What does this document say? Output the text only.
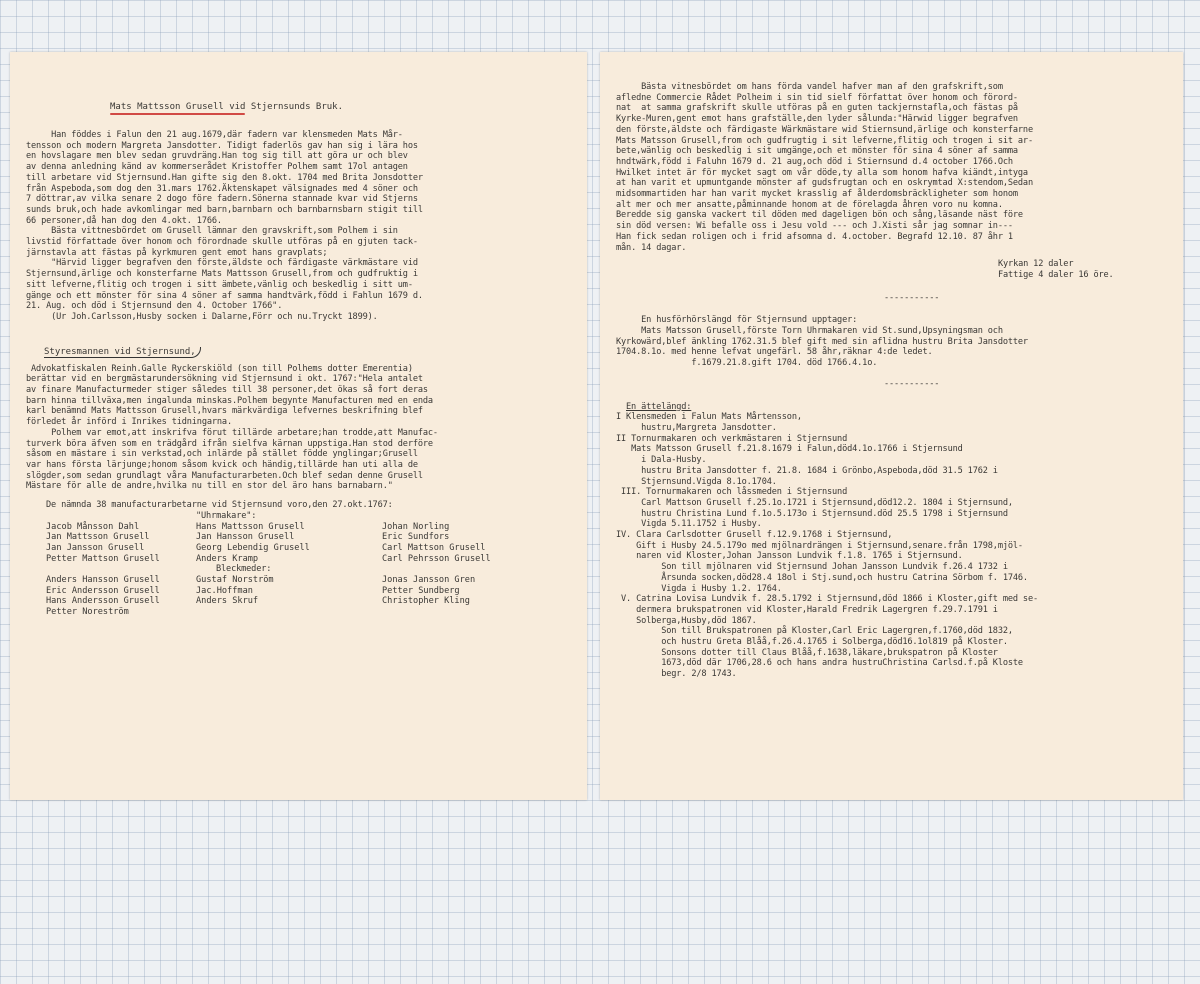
Mats Mattsson Grusell vid Stjernsunds Bruk.
Han föddes i Falun den 21 aug.1679,där fadern var klensmeden Mats Mår-
tensson och modern Margreta Jansdotter. Tidigt faderlös gav han sig i lära hos
en hovslagare men blev sedan gruvdräng.Han tog sig till att göra ur och blev
av denna anledning känd av kommerserådet Kristoffer Polhem samt 17ol antagen
till arbetare vid Stjernsund.Han gifte sig den 8.okt. 1704 med Brita Jonsdotter
från Aspeboda,som dog den 31.mars 1762.Äktenskapet välsignades med 4 söner och
7 döttrar,av vilka senare 2 dogo före fadern.Sönerna stannade kvar vid Stjerns
sunds bruk,och hade avkomlingar med barn,barnbarn och barnbarnsbarn stigit till
66 personer,då han dog den 4.okt. 1766.
Bästa vittnesbördet om Grusell lämnar den gravskrift,som Polhem i sin
livstid författade över honom och förordnade skulle utföras på en gjuten tack-
järnstavla att fästas på kyrkmuren gent emot hans gravplats;
"Härvid ligger begrafven den förste,äldste och färdigaste värkmästare vid
Stjernsund,ärlige och konsterfarne Mats Mattsson Grusell,from och gudfruktig i
sitt lefverne,flitig och trogen i sitt ämbete,vänlig och beskedlig i sitt um-
gänge och ett mönster för sina 4 söner af samma handtvärk,född i Fahlun 1679 d.
21. Aug. och död i Stjernsund den 4. October 1766".
(Ur Joh.Carlsson,Husby socken i Dalarne,Förr och nu.Tryckt 1899).
Styresmannen vid Stjernsund,
Advokatfiskalen Reinh.Galle Ryckerskiöld (son till Polhems dotter Emerentia)
berättar vid en bergmästarundersökning vid Stjernsund i okt. 1767:"Hela antalet
av finare Manufacturmeder stiger således till 38 personer,det ökas så fort deras
barn hinna tillväxa,men ingalunda minskas.Polhem begynte Manufacturen med en enda
karl benämnd Mats Mattsson Grusell,hvars märkvärdiga lefvernes beskrifning blef
förledet år införd i Inrikes tidningarna.
Polhem var emot,att inskrifva förut tillärde arbetare;han trodde,att Manufac-
turverk böra äfven som en trädgård ifrån sielfva kärnan uppstiga.Han stod derföre
såsom en mästare i sin verkstad,och inlärde på stället födde ynglingar;Grusell
var hans första lärjunge;honom såsom kvick och händig,tillärde han uti alla de
slögder,som sedan grundlagt våra Manufacturarbeten.Och blef sedan denne Grusell
Mästare för alle de andre,hvilka nu till en stor del äro hans barnabarn."
De nämnda 38 manufacturarbetarne vid Stjernsund voro,den 27.okt.1767:
"Uhrmakare":
Jacob Månsson Dahl
Jan Mattsson Grusell
Jan Jansson Grusell
Petter Mattson Grusell
Hans Mattsson Grusell
Jan Hansson Grusell
Georg Lebendig Grusell
Anders Kramp
Johan Norling
Eric Sundfors
Carl Mattson Grusell
Carl Pehrsson Grusell
Bleckmeder:
Anders Hansson Grusell
Eric Andersson Grusell
Hans Andersson Grusell
Petter Noreström
Gustaf Norström
Jac.Hoffman
Anders Skruf
Jonas Jansson Gren
Petter Sundberg
Christopher Kling
Bästa vitnesbördet om hans förda vandel hafver man af den grafskrift,som
afledne Commercie Rådet Polheim i sin tid sielf författat över honom och förord-
nat  at samma grafskrift skulle utföras på en guten tackjernstafla,och fästas på
Kyrke-Muren,gent emot hans grafställe,den lyder sålunda:"Härwid ligger begrafven
den förste,äldste och färdigaste Wärkmästare wid Stiernsund,ärlige och konsterfarne
Mats Matsson Grusell,from och gudfrugtig i sit lefverne,flitig och trogen i sit ar-
bete,wänlig och beskedlig i sit umgänge,och et mönster för sina 4 söner af samma
hndtwärk,född i Faluhn 1679 d. 21 aug,och död i Stiernsund d.4 october 1766.Och
Hwilket intet är för mycket sagt om vår döde,ty alla som honom hafva kiändt,intyga
at han varit et upmuntgande mönster af gudsfrugtan och en oskrymtad X:stendom,Sedan
midsommartiden har han varit mycket krasslig af ålderdomsbräckligheter som honom
alt mer och mer ansatte,påminnande honom at de förelagda åhren voro nu komna.
Beredde sig ganska vackert til döden med dageligen bön och sång,läsande näst före
sin död versen: Wi befalle oss i Jesu vold --- och J.Xisti sår jag somnar in---
Han fick sedan roligen och i frid afsomna d. 4.october. Begrafd 12.10. 87 åhr 1
mån. 14 dagar.
Kyrkan 12 daler
Fattige 4 daler 16 öre.
-----------
En husförhörslängd för Stjernsund upptager:
Mats Matsson Grusell,förste Torn Uhrmakaren vid St.sund,Upsyningsman och
Kyrkowärd,blef änkling 1762.31.5 blef gift med sin aflidna hustru Brita Jansdotter
1704.8.1o. med henne lefvat ungefärl. 58 åhr,räknar 4:de ledet.
f.1679.21.8.gift 1704. död 1766.4.1o.
-----------
En ättelängd:
I Klensmeden i Falun Mats Mårtensson,
hustru,Margreta Jansdotter.
II Tornurmakaren och verkmästaren i Stjernsund
Mats Matsson Grusell f.21.8.1679 i Falun,död4.1o.1766 i Stjernsund
i Dala-Husby.
hustru Brita Jansdotter f. 21.8. 1684 i Grönbo,Aspeboda,död 31.5 1762 i
Stjernsund.Vigda 8.1o.1704.
III. Tornurmakaren och låssmeden i Stjernsund
Carl Mattson Grusell f.25.1o.1721 i Stjernsund,död12.2. 1804 i Stjernsund,
hustru Christina Lund f.1o.5.173o i Stjernsund.död 25.5 1798 i Stjernsund
Vigda 5.11.1752 i Husby.
IV. Clara Carlsdotter Grusell f.12.9.1768 i Stjernsund,
Gift i Husby 24.5.179o med mjölnardrängen i Stjernsund,senare.från 1798,mjöl-
naren vid Kloster,Johan Jansson Lundvik f.1.8. 1765 i Stjernsund.
Son till mjölnaren vid Stjernsund Johan Jansson Lundvik f.26.4 1732 i
Årsunda socken,död28.4 18ol i Stj.sund,och hustru Catrina Sörbom f. 1746.
Vigda i Husby 1.2. 1764.
V. Catrina Lovisa Lundvik f. 28.5.1792 i Stjernsund,död 1866 i Kloster,gift med se-
dermera brukspatronen vid Kloster,Harald Fredrik Lagergren f.29.7.1791 i
Solberga,Husby,död 1867.
Son till Brukspatronen på Kloster,Carl Eric Lagergren,f.1760,död 1832,
och hustru Greta Blåå,f.26.4.1765 i Solberga,död16.1ol819 på Kloster.
Sonsons dotter till Claus Blåå,f.1638,läkare,brukspatron på Kloster
1673,död där 1706,28.6 och hans andra hustruChristina Carlsd.f.på Kloste
begr. 2/8 1743.
